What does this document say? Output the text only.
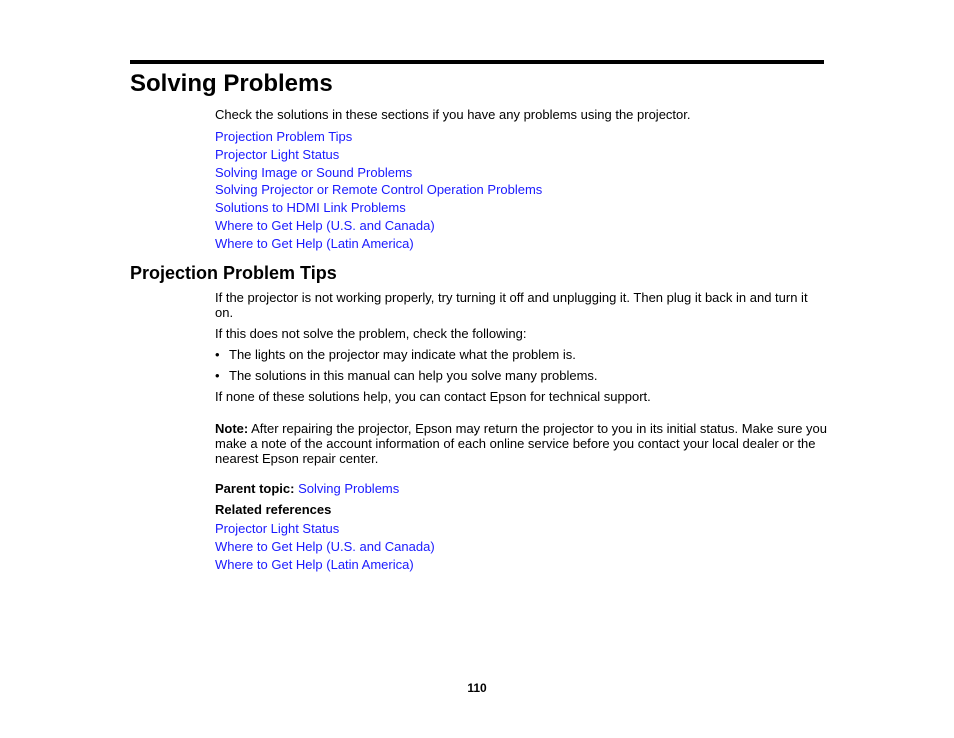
Solving Problems
Check the solutions in these sections if you have any problems using the projector.
Projection Problem Tips
Projector Light Status
Solving Image or Sound Problems
Solving Projector or Remote Control Operation Problems
Solutions to HDMI Link Problems
Where to Get Help (U.S. and Canada)
Where to Get Help (Latin America)
Projection Problem Tips
If the projector is not working properly, try turning it off and unplugging it. Then plug it back in and turn it on.
If this does not solve the problem, check the following:
• The lights on the projector may indicate what the problem is.
• The solutions in this manual can help you solve many problems.
If none of these solutions help, you can contact Epson for technical support.
Note: After repairing the projector, Epson may return the projector to you in its initial status. Make sure you make a note of the account information of each online service before you contact your local dealer or the nearest Epson repair center.
Parent topic: Solving Problems
Related references
Projector Light Status
Where to Get Help (U.S. and Canada)
Where to Get Help (Latin America)
110
